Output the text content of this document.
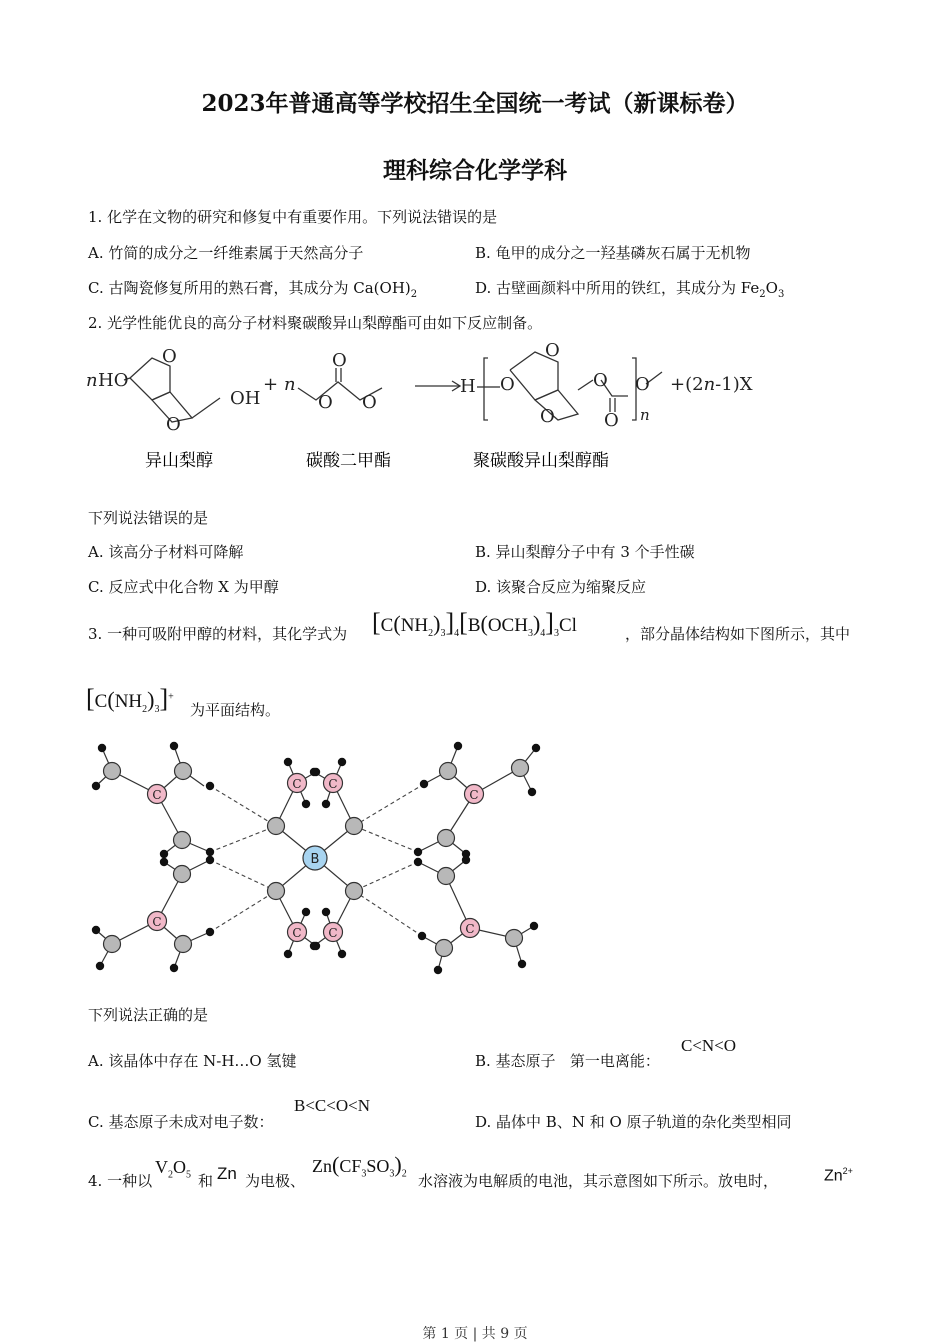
2023年普通高等学校招生全国统一考试（新课标卷）
理科综合化学学科
1. 化学在文物的研究和修复中有重要作用。下列说法错误的是
A. 竹简的成分之一纤维素属于天然高分子	B. 龟甲的成分之一羟基磷灰石属于无机物
C. 古陶瓷修复所用的熟石膏，其成分为 $Ca(OH)_2$	D. 古壁画颜料中所用的铁红，其成分为 $Fe_2O_3$
2. 光学性能优良的高分子材料聚碳酸异山梨醇酯可由如下反应制备。
n HO
O
O
OH
+ n
O
O
O
H O
O
O
O
O
O
n
+(2n-1)X
异山梨醇	碳酸二甲酯	聚碳酸异山梨醇酯
下列说法错误的是
A. 该高分子材料可降解	B. 异山梨醇分子中有 3 个手性碳
C. 反应式中化合物 X 为甲醇	D. 该聚合反应为缩聚反应
3. 一种可吸附甲醇的材料，其化学式为 $[C(NH_2)_3]_4[B(OCH_3)_4]_3Cl$	，部分晶体结构如下图所示，其中
$[C(NH_2)_3]^+$
为平面结构。
C
C
C C
C C
C
C
B
下列说法正确的是
A. 该晶体中存在 N-H…O 氢键	B. 基态原子   第一电离能：
C<N<O
C. 基态原子未成对电子数：
B<C<O<N
D. 晶体中 B、N 和 O 原子轨道的杂化类型相同
4. 一种以
$V_2O_5$ 和 Zn 为电极、
$Zn(CF_3SO_3)_2$ 水溶液为电解质的电池，其示意图如下所示。放电时，	$Zn^{2+}$
第 1 页 | 共 9 页
